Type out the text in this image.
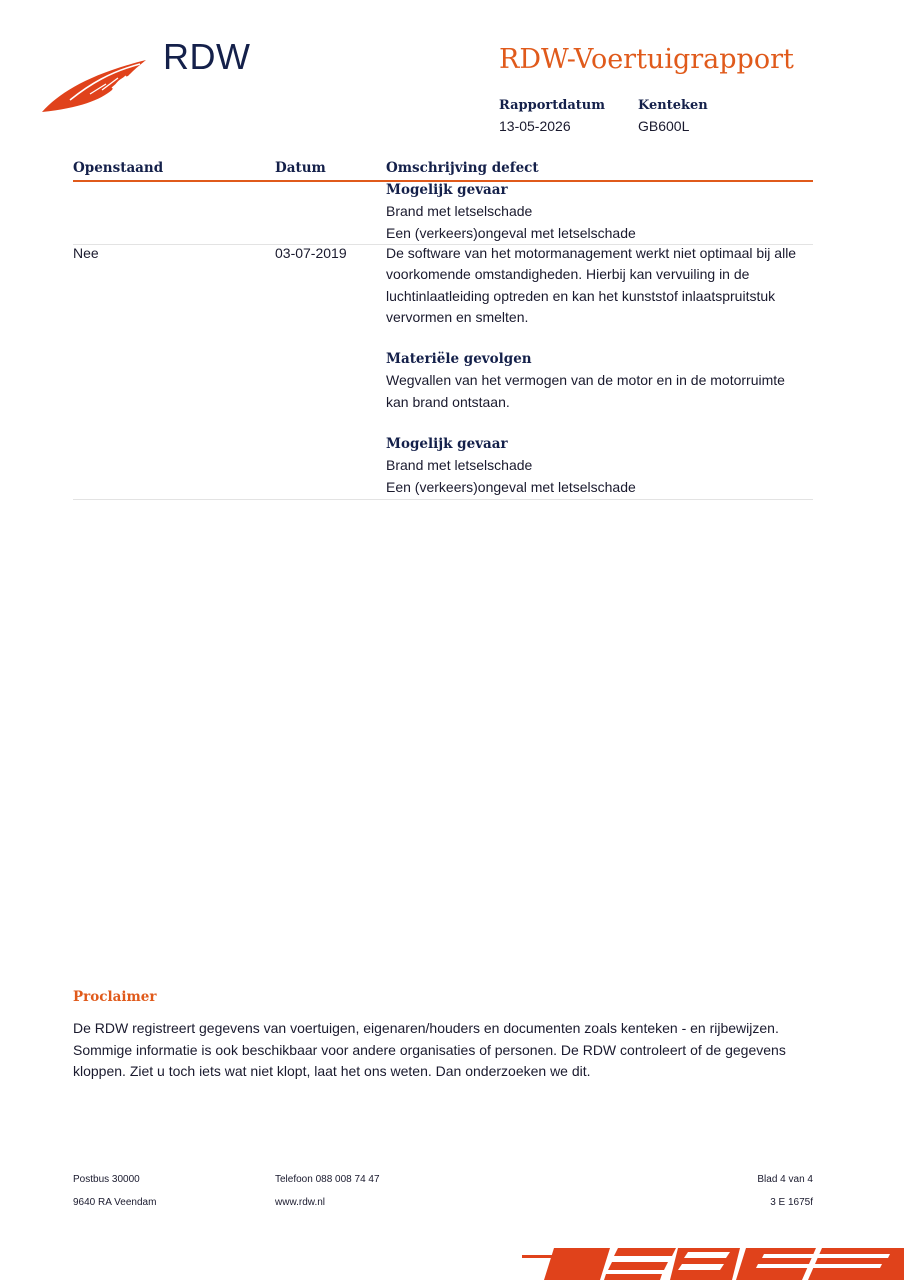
RDW	RDW-Voertuigrapport
Rapportdatum
13-05-2026
Kenteken
GB600L
Openstaand	Datum	Omschrijving defect
Mogelijk gevaar
Brand met letselschade
Een (verkeers)ongeval met letselschade
Nee	03-07-2019	De software van het motormanagement werkt niet optimaal bij alle
voorkomende omstandigheden. Hierbij kan vervuiling in de
luchtinlaatleiding optreden en kan het kunststof inlaatspruitstuk
vervormen en smelten.
Materiële gevolgen
Wegvallen van het vermogen van de motor en in de motorruimte
kan brand ontstaan.
Mogelijk gevaar
Brand met letselschade
Een (verkeers)ongeval met letselschade
Proclaimer
De RDW registreert gegevens van voertuigen, eigenaren/houders en documenten zoals kenteken - en rijbewijzen.
Sommige informatie is ook beschikbaar voor andere organisaties of personen. De RDW controleert of de gegevens
kloppen. Ziet u toch iets wat niet klopt, laat het ons weten. Dan onderzoeken we dit.
Postbus 30000
9640 RA Veendam
Telefoon 088 008 74 47
www.rdw.nl
Blad 4 van 4
3 E 1675f
